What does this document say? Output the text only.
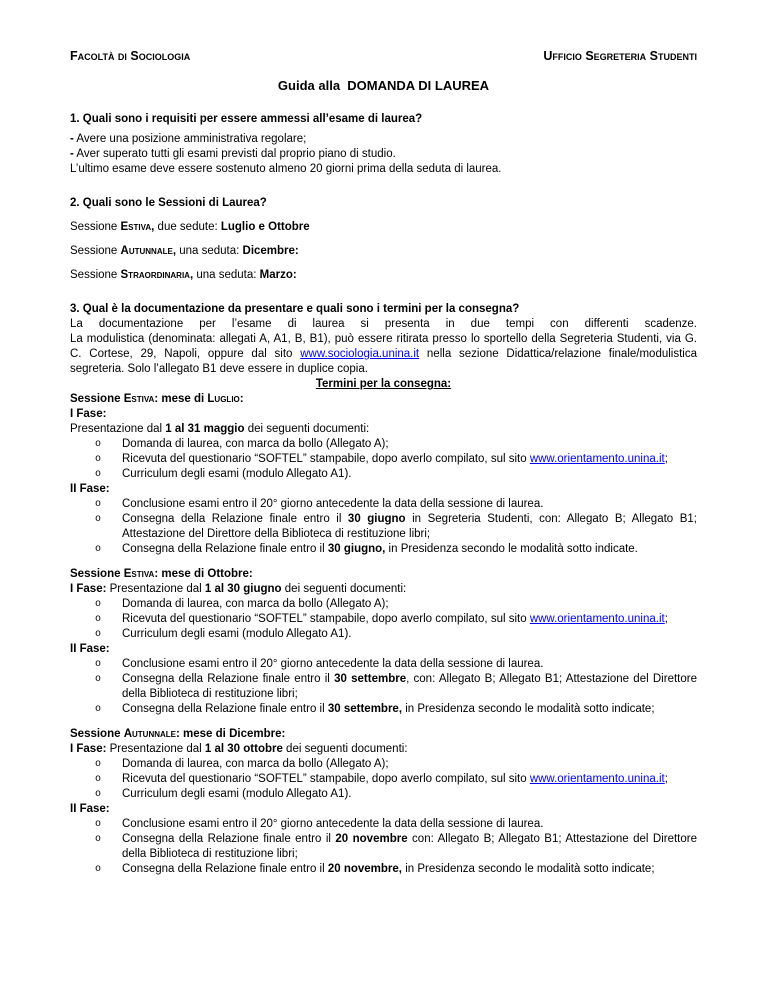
Facoltà di Sociologia	Ufficio Segreteria Studenti

Guida alla  DOMANDA DI LAUREA

1. Quali sono i requisiti per essere ammessi all’esame di laurea?

- Avere una posizione amministrativa regolare;

- Aver superato tutti gli esami previsti dal proprio piano di studio.

L’ultimo esame deve essere sostenuto almeno 20 giorni prima della seduta di laurea.

2. Quali sono le Sessioni di Laurea?

Sessione Estiva, due sedute: Luglio e Ottobre

Sessione Autunnale, una seduta: Dicembre:

Sessione Straordinaria, una seduta: Marzo:

3. Qual è la documentazione da presentare e quali sono i termini per la consegna?

La documentazione per l’esame di laurea si presenta in due tempi con differenti scadenze.

La modulistica (denominata: allegati A, A1, B, B1), può essere ritirata presso lo sportello della Segreteria Studenti, via G. C. Cortese, 29, Napoli, oppure dal sito www.sociologia.unina.it nella sezione Didattica/relazione finale/modulistica segreteria. Solo l’allegato B1 deve essere in duplice copia.

Termini per la consegna:

Sessione Estiva: mese di Luglio:

I Fase:

Presentazione dal 1 al 31 maggio dei seguenti documenti:

o	Domanda di laurea, con marca da bollo (Allegato A);
o	Ricevuta del questionario “SOFTEL” stampabile, dopo averlo compilato, sul sito www.orientamento.unina.it;
o	Curriculum degli esami (modulo Allegato A1).

II Fase:

o	Conclusione esami entro il 20° giorno antecedente la data della sessione di laurea.
o	Consegna della Relazione finale entro il 30 giugno in Segreteria Studenti, con: Allegato B; Allegato B1; Attestazione del Direttore della Biblioteca di restituzione libri;
o	Consegna della Relazione finale entro il 30 giugno, in Presidenza secondo le modalità sotto indicate.

Sessione Estiva: mese di Ottobre:

I Fase: Presentazione dal 1 al 30 giugno dei seguenti documenti:

o	Domanda di laurea, con marca da bollo (Allegato A);
o	Ricevuta del questionario “SOFTEL” stampabile, dopo averlo compilato, sul sito www.orientamento.unina.it;
o	Curriculum degli esami (modulo Allegato A1).

II Fase:

o	Conclusione esami entro il 20° giorno antecedente la data della sessione di laurea.
o	Consegna della Relazione finale entro il 30 settembre, con: Allegato B; Allegato B1; Attestazione del Direttore della Biblioteca di restituzione libri;
o	Consegna della Relazione finale entro il 30 settembre, in Presidenza secondo le modalità sotto indicate;

Sessione Autunnale: mese di Dicembre:

I Fase: Presentazione dal 1 al 30 ottobre dei seguenti documenti:

o	Domanda di laurea, con marca da bollo (Allegato A);
o	Ricevuta del questionario “SOFTEL” stampabile, dopo averlo compilato, sul sito www.orientamento.unina.it;
o	Curriculum degli esami (modulo Allegato A1).

II Fase:

o	Conclusione esami entro il 20° giorno antecedente la data della sessione di laurea.
o	Consegna della Relazione finale entro il 20 novembre con: Allegato B; Allegato B1; Attestazione del Direttore della Biblioteca di restituzione libri;
o	Consegna della Relazione finale entro il 20 novembre, in Presidenza secondo le modalità sotto indicate;
